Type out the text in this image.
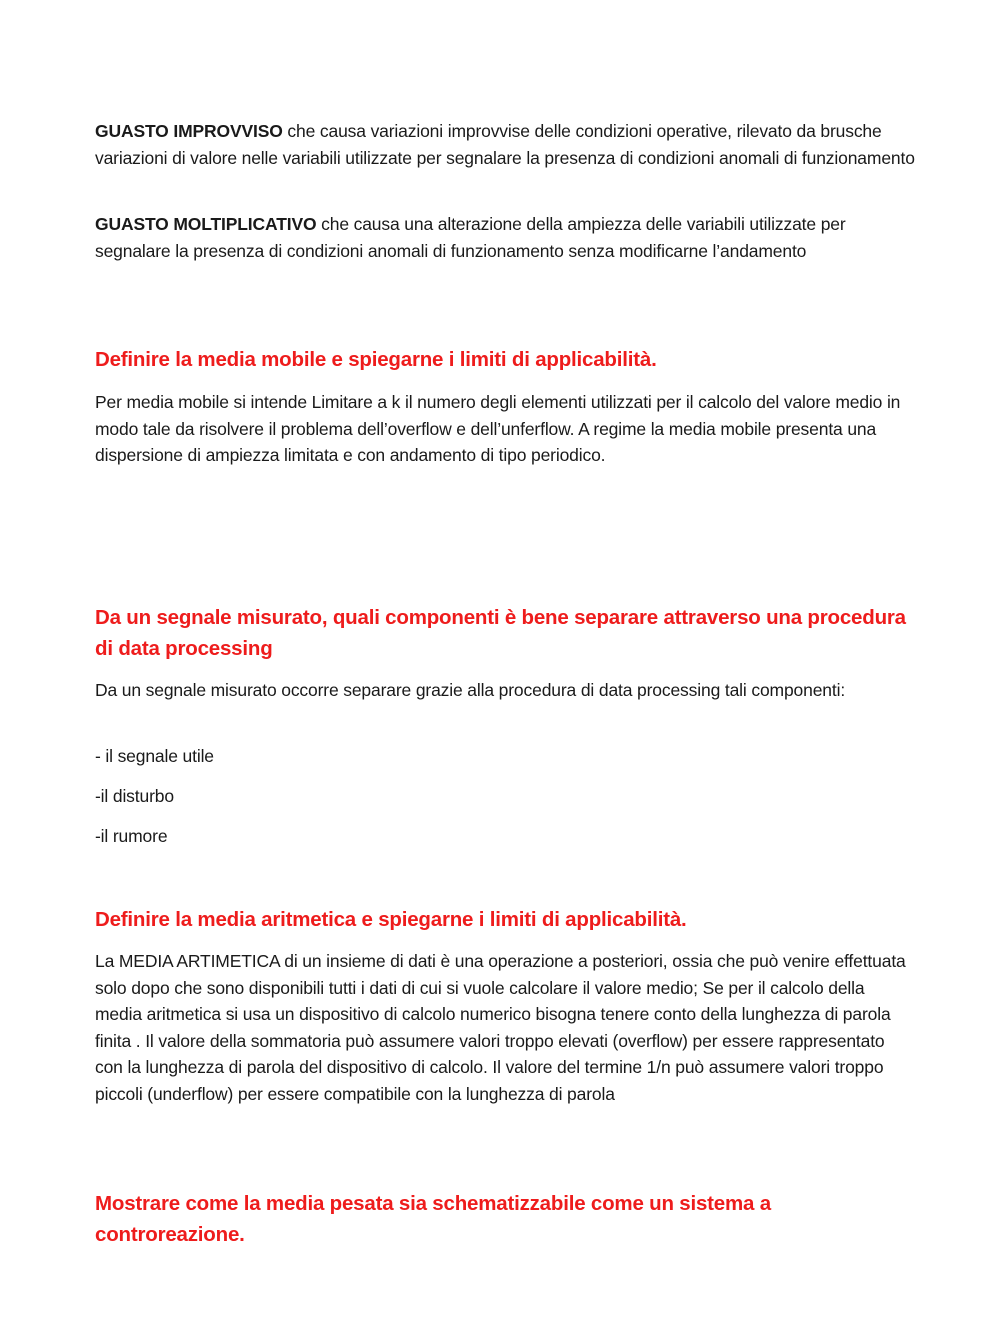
GUASTO IMPROVVISO che causa variazioni improvvise delle condizioni operative, rilevato da brusche variazioni di valore nelle variabili utilizzate per segnalare la presenza di condizioni anomali di funzionamento

GUASTO MOLTIPLICATIVO che causa una alterazione della ampiezza delle variabili utilizzate per segnalare la presenza di condizioni anomali di funzionamento senza modificarne l’andamento

Definire la media mobile e spiegarne i limiti di applicabilità.

Per media mobile si intende Limitare a k il numero degli elementi utilizzati per il calcolo del valore medio in modo tale da risolvere il problema dell’overflow e dell’unferflow. A regime la media mobile presenta una dispersione di ampiezza limitata e con andamento di tipo periodico.

Da un segnale misurato, quali componenti è bene separare attraverso una procedura di data processing

Da un segnale misurato occorre separare grazie alla procedura di data processing tali componenti:

- il segnale utile

-il disturbo

-il rumore

Definire la media aritmetica e spiegarne i limiti di applicabilità.

La MEDIA ARTIMETICA di un insieme di dati è una operazione a posteriori, ossia che può venire effettuata solo dopo che sono disponibili tutti i dati di cui si vuole calcolare il valore medio; Se per il calcolo della media aritmetica si usa un dispositivo di calcolo numerico bisogna tenere conto della lunghezza di parola finita . Il valore della sommatoria può assumere valori troppo elevati (overflow) per essere rappresentato con la lunghezza di parola del dispositivo di calcolo. Il valore del termine 1/n può assumere valori troppo piccoli (underflow) per essere compatibile con la lunghezza di parola

Mostrare come la media pesata sia schematizzabile come un sistema a controreazione.
